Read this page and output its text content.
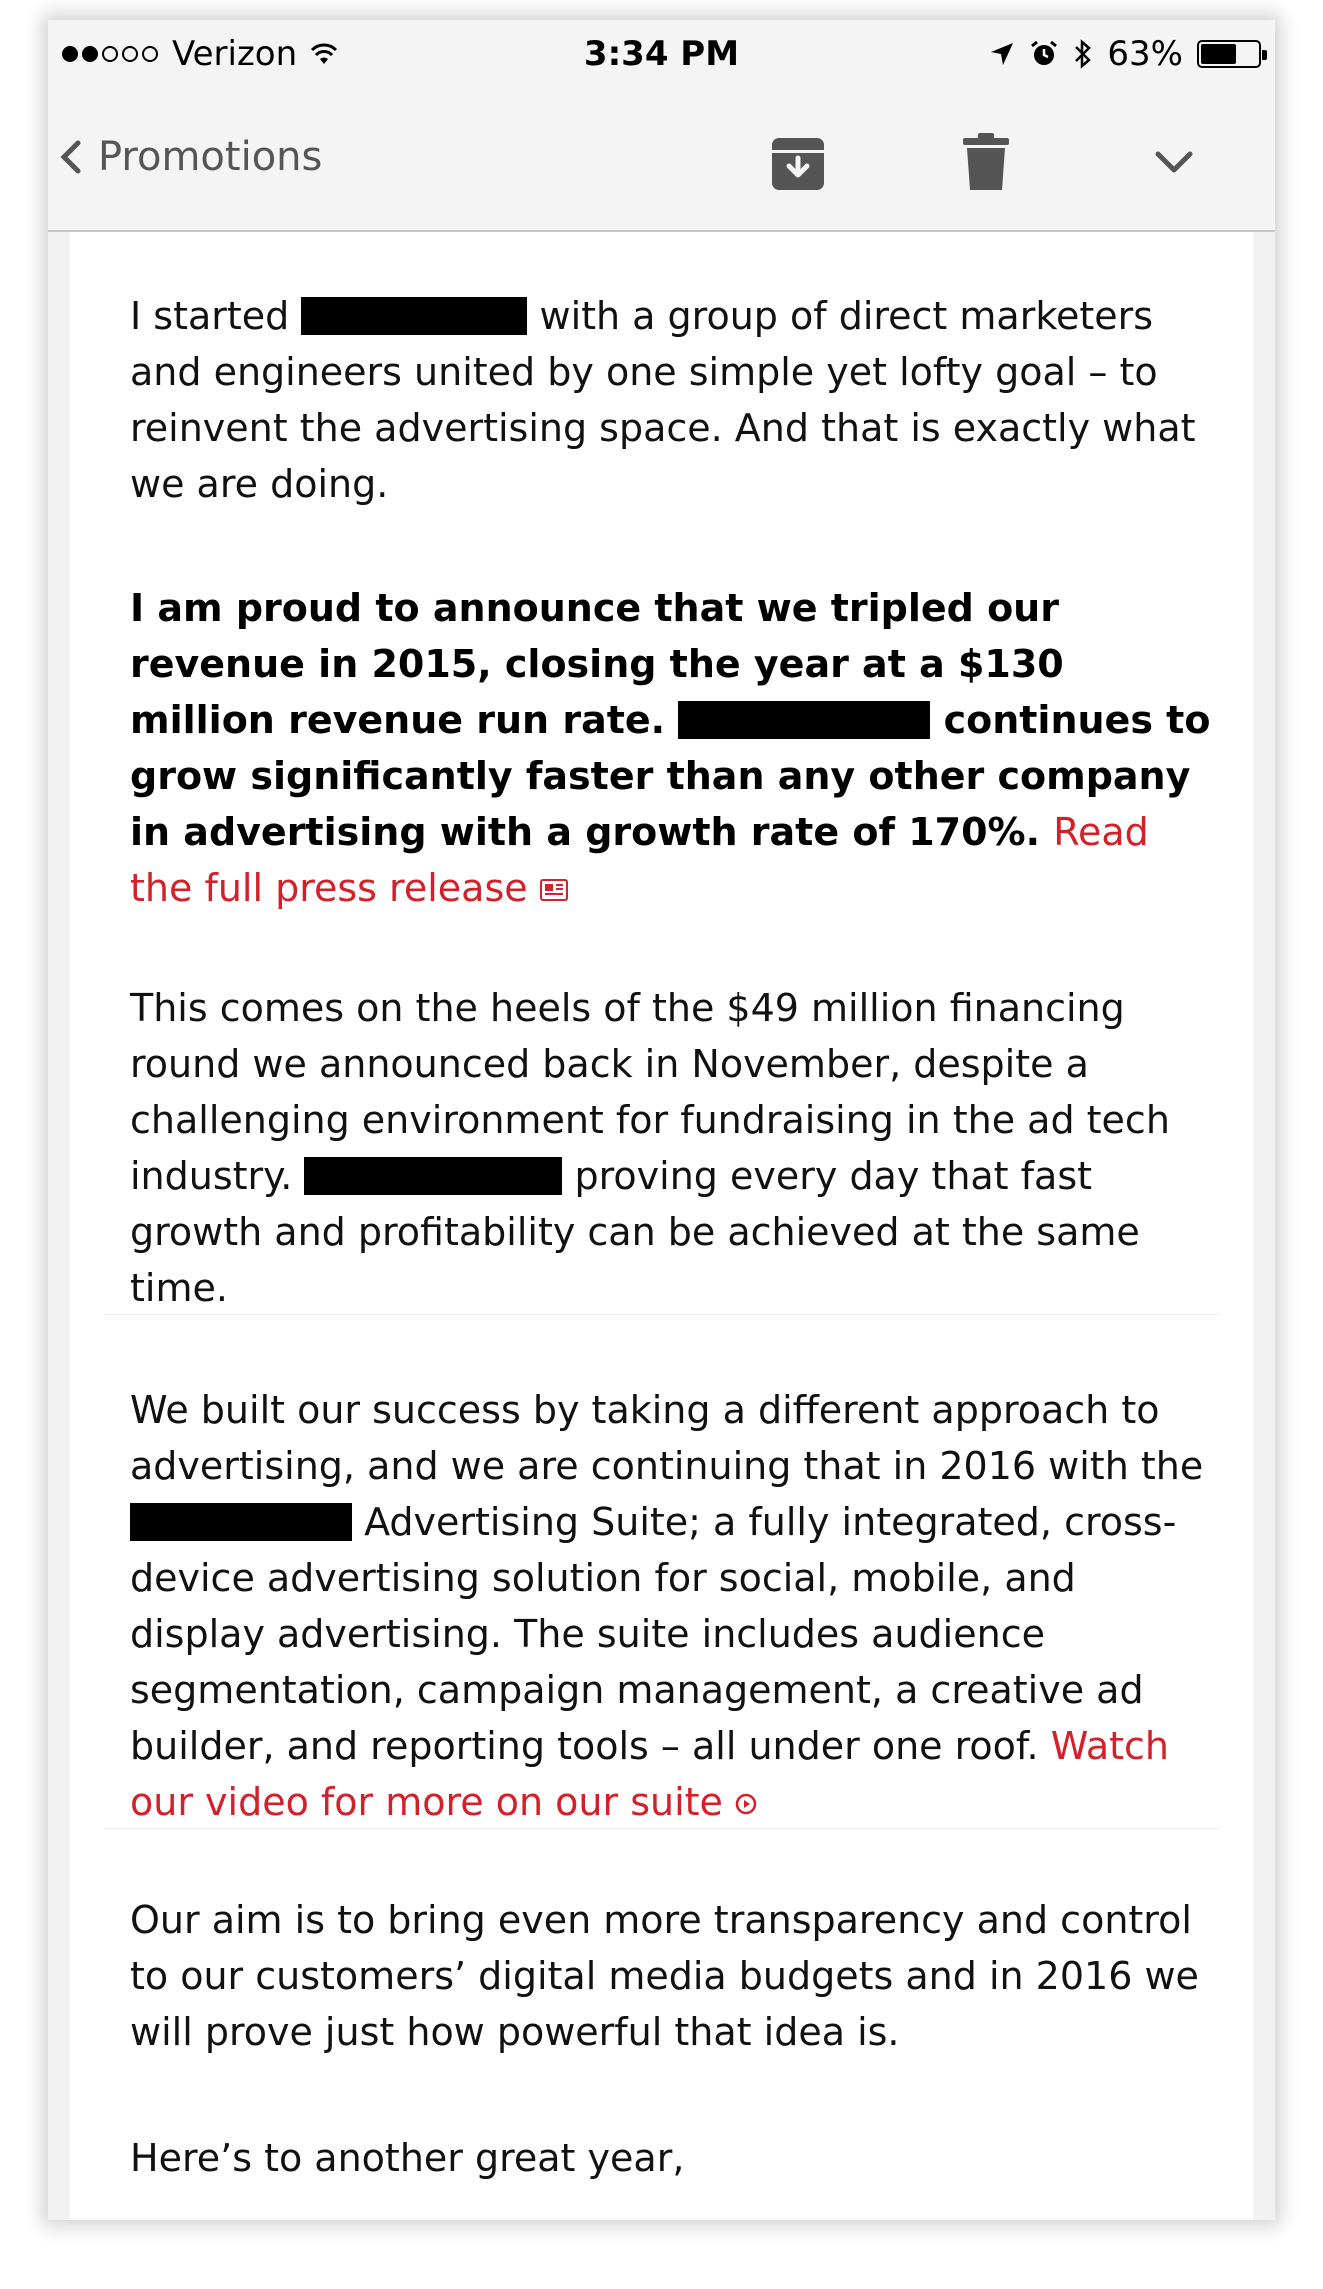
Verizon	3:34 PM	63%
Promotions

I started	with a group of direct marketers and engineers united by one simple yet lofty goal – to reinvent the advertising space. And that is exactly what we are doing.

I am proud to announce that we tripled our revenue in 2015, closing the year at a $130 million revenue run rate.	continues to grow significantly faster than any other company in advertising with a growth rate of 170%. Read the full press release

This comes on the heels of the $49 million financing round we announced back in November, despite a challenging environment for fundraising in the ad tech industry.	proving every day that fast growth and profitability can be achieved at the same time.

We built our success by taking a different approach to advertising, and we are continuing that in 2016 with the  Advertising Suite; a fully integrated, cross-device advertising solution for social, mobile, and display advertising. The suite includes audience segmentation, campaign management, a creative ad builder, and reporting tools – all under one roof. Watch our video for more on our suite

Our aim is to bring even more transparency and control to our customers’ digital media budgets and in 2016 we will prove just how powerful that idea is.

Here’s to another great year,
